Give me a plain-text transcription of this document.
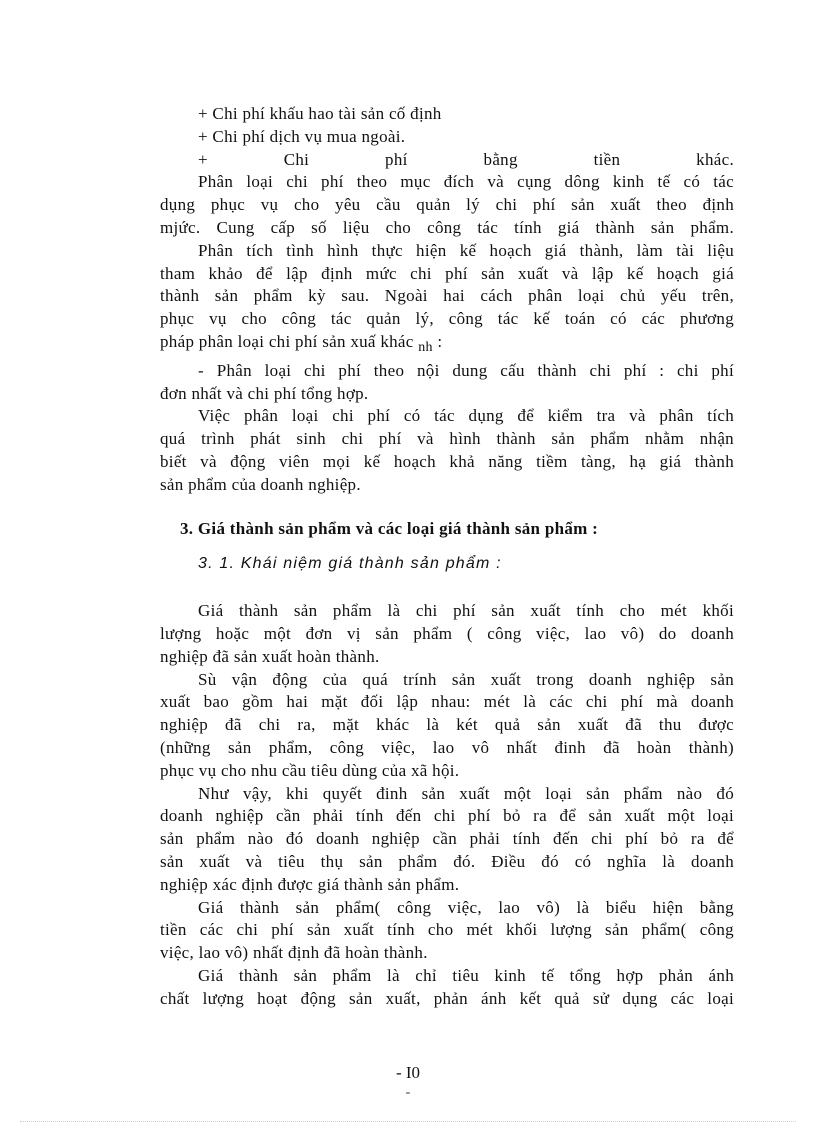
+ Chi phí khấu hao tài sản cố định
+ Chi phí dịch vụ mua ngoài.
+	Chi	phí	bằng	tiền	khác.
Phân loại chi phí theo mục đích và cụng dông kinh tế có tác
dụng phục vụ cho yêu cầu quản lý chi phí sản xuất theo định
mjức. Cung cấp số liệu cho công tác tính giá thành sản phẩm.
Phân tích tình hình thực hiện kế hoạch giá thành, làm tài liệu
tham khảo để lập định mức chi phí sản xuất và lập kế hoạch giá
thành sản phẩm kỳ sau. Ngoài hai cách phân loại chủ yếu trên,
phục vụ cho công tác quản lý, công tác kế toán có các phương
pháp phân loại chi phí sản xuấ khác $_{nh}$ :
- Phân loại chi phí theo nội dung cấu thành chi phí : chi phí
đơn nhất và chi phí tổng hợp.
Việc phân loại chi phí có tác dụng để kiểm tra và phân tích
quá trình phát sinh chi phí và hình thành sản phẩm nhằm nhận
biết và động viên mọi kế hoạch khả năng tiềm tàng, hạ giá thành
sản phẩm của doanh nghiệp.
3. Giá thành sản phẩm và các loại giá thành sản phẩm :
3. 1. Khái niệm giá thành sản phẩm :
Giá thành sản phẩm là chi phí sản xuất tính cho mét khối
lượng hoặc một đơn vị sản phẩm ( công việc, lao vô) do doanh
nghiệp đã sản xuất hoàn thành.
Sù vận động của quá trính sản xuất trong doanh nghiệp sản
xuất bao gồm hai mặt đối lập nhau: mét là các chi phí mà doanh
nghiệp đã chi ra, mặt khác là két quả sản xuất đã thu được
(những sản phẩm, công việc, lao vô nhất đinh đã hoàn thành)
phục vụ cho nhu cầu tiêu dùng của xã hội.
Như vậy, khi quyết đinh sản xuất một loại sản phẩm nào đó
doanh nghiệp cần phải tính đến chi phí bỏ ra để sản xuất một loại
sản phẩm nào đó doanh nghiệp cần phải tính đến chi phí bỏ ra để
sản xuất và tiêu thụ sản phẩm đó. Điều đó có nghĩa là doanh
nghiệp xác định được giá thành sản phẩm.
Giá thành sản phẩm( công việc, lao vô) là biểu hiện bằng
tiền các chi phí sản xuất tính cho mét khối lượng sản phẩm( công
việc, lao vô) nhất định đã hoàn thành.
Giá thành sản phẩm là chỉ tiêu kinh tế tổng hợp phản ánh
chất lượng hoạt động sản xuất, phản ánh kết quả sử dụng các loại
- I0
-
